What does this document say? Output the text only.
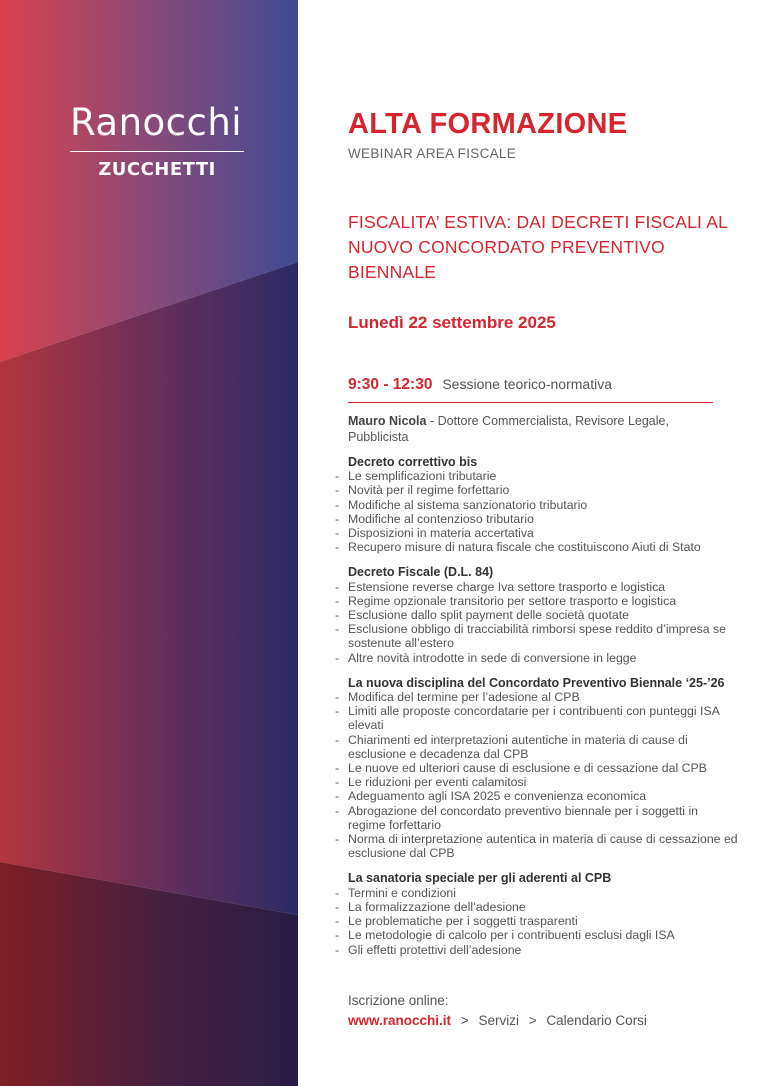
Ranocchi
ZUCCHETTI
ALTA FORMAZIONE
WEBINAR AREA FISCALE
FISCALITA’ ESTIVA: DAI DECRETI FISCALI AL NUOVO CONCORDATO PREVENTIVO BIENNALE
Lunedì 22 settembre 2025
9:30 - 12:30 Sessione teorico-normativa
Mauro Nicola - Dottore Commercialista, Revisore Legale, Pubblicista
Decreto correttivo bis
- Le semplificazioni tributarie
- Novità per il regime forfettario
- Modifiche al sistema sanzionatorio tributario
- Modifiche al contenzioso tributario
- Disposizioni in materia accertativa
- Recupero misure di natura fiscale che costituiscono Aiuti di Stato
Decreto Fiscale (D.L. 84)
- Estensione reverse charge Iva settore trasporto e logistica
- Regime opzionale transitorio per settore trasporto e logistica
- Esclusione dallo split payment delle società quotate
- Esclusione obbligo di tracciabilità rimborsi spese reddito d’impresa se sostenute all’estero
- Altre novità introdotte in sede di conversione in legge
La nuova disciplina del Concordato Preventivo Biennale ‘25-’26
- Modifica del termine per l’adesione al CPB
- Limiti alle proposte concordatarie per i contribuenti con punteggi ISA elevati
- Chiarimenti ed interpretazioni autentiche in materia di cause di esclusione e decadenza dal CPB
- Le nuove ed ulteriori cause di esclusione e di cessazione dal CPB
- Le riduzioni per eventi calamitosi
- Adeguamento agli ISA 2025 e convenienza economica
- Abrogazione del concordato preventivo biennale per i soggetti in regime forfettario
- Norma di interpretazione autentica in materia di cause di cessazione ed esclusione dal CPB
La sanatoria speciale per gli aderenti al CPB
- Termini e condizioni
- La formalizzazione dell’adesione
- Le problematiche per i soggetti trasparenti
- Le metodologie di calcolo per i contribuenti esclusi dagli ISA
- Gli effetti protettivi dell’adesione
Iscrizione online:
www.ranocchi.it > Servizi > Calendario Corsi
